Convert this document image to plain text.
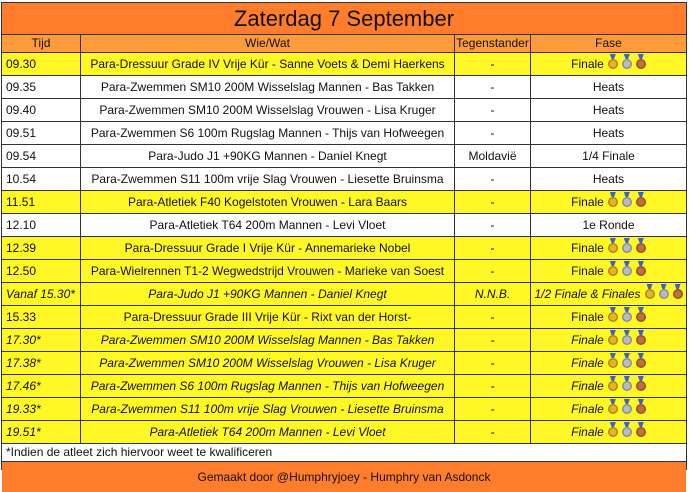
Zaterdag 7 September
Tijd	Wie/Wat	Tegenstander	Fase
09.30	Para-Dressuur Grade IV Vrije Kür - Sanne Voets & Demi Haerkens	-	Finale
09.35	Para-Zwemmen SM10 200M Wisselslag Mannen - Bas Takken	-	Heats
09.40	Para-Zwemmen SM10 200M Wisselslag Vrouwen - Lisa Kruger	-	Heats
09.51	Para-Zwemmen S6 100m Rugslag Mannen - Thijs van Hofweegen	-	Heats
09.54	Para-Judo J1 +90KG Mannen - Daniel Knegt	Moldavië	1/4 Finale
10.54	Para-Zwemmen S11 100m vrije Slag Vrouwen - Liesette Bruinsma	-	Heats
11.51	Para-Atletiek F40 Kogelstoten Vrouwen - Lara Baars	-	Finale
12.10	Para-Atletiek T64 200m Mannen - Levi Vloet	-	1e Ronde
12.39	Para-Dressuur Grade I Vrije Kür - Annemarieke Nobel	-	Finale
12.50	Para-Wielrennen T1-2 Wegwedstrijd Vrouwen - Marieke van Soest	-	Finale
Vanaf 15.30*	Para-Judo J1 +90KG Mannen - Daniel Knegt	N.N.B.	1/2 Finale & Finales
15.33	Para-Dressuur Grade III Vrije Kür - Rixt van der Horst-	-	Finale
17.30*	Para-Zwemmen SM10 200M Wisselslag Mannen - Bas Takken	-	Finale
17.38*	Para-Zwemmen SM10 200M Wisselslag Vrouwen - Lisa Kruger	-	Finale
17.46*	Para-Zwemmen S6 100m Rugslag Mannen - Thijs van Hofweegen	-	Finale
19.33*	Para-Zwemmen S11 100m vrije Slag Vrouwen - Liesette Bruinsma	-	Finale
19.51*	Para-Atletiek T64 200m Mannen - Levi Vloet	-	Finale
*Indien de atleet zich hiervoor weet te kwalificeren
Gemaakt door @Humphryjoey - Humphry van Asdonck
